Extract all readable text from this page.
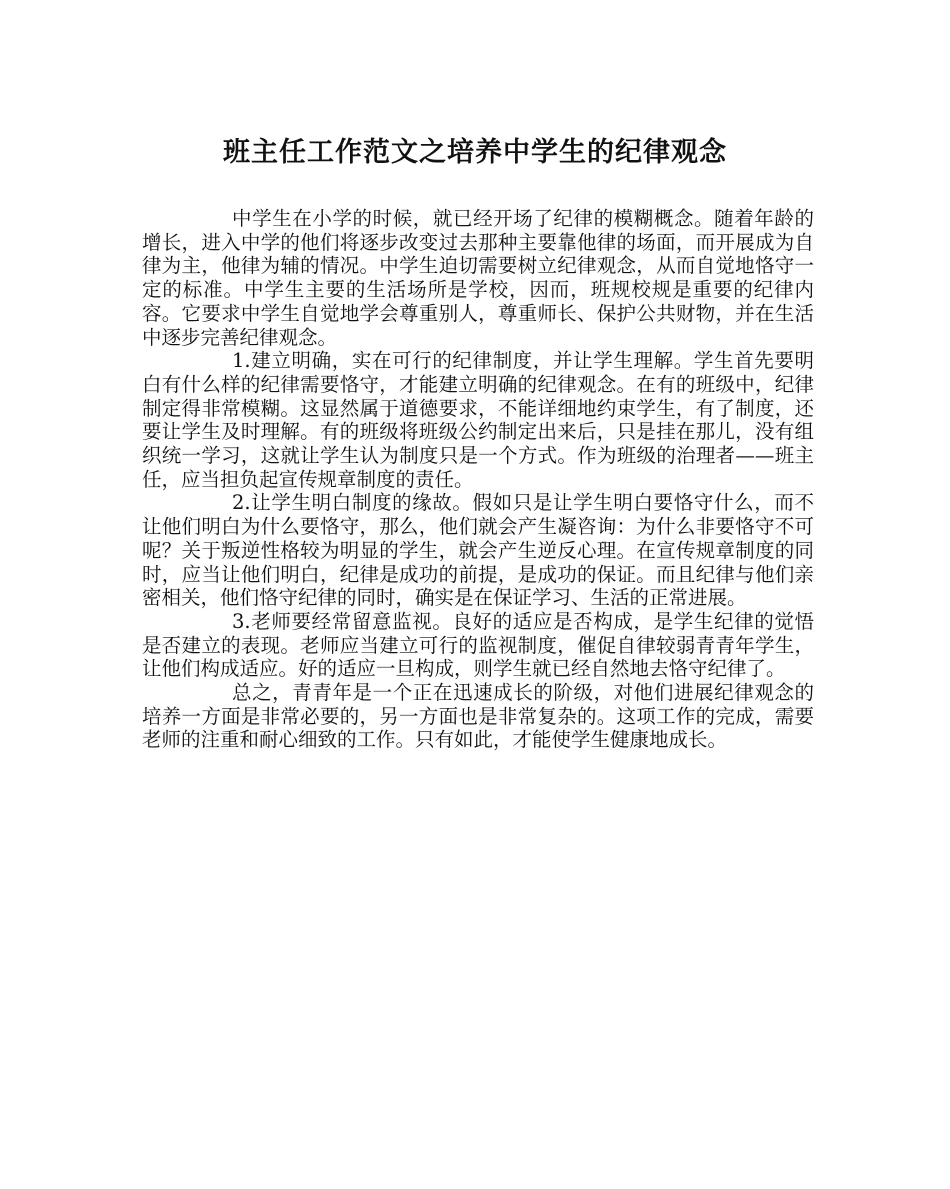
班主任工作范文之培养中学生的纪律观念

中学生在小学的时候，就已经开场了纪律的模糊概念。随着年龄的增长，进入中学的他们将逐步改变过去那种主要靠他律的场面，而开展成为自律为主，他律为辅的情况。中学生迫切需要树立纪律观念，从而自觉地恪守一定的标准。中学生主要的生活场所是学校，因而，班规校规是重要的纪律内容。它要求中学生自觉地学会尊重别人，尊重师长、保护公共财物，并在生活中逐步完善纪律观念。

1.建立明确，实在可行的纪律制度，并让学生理解。学生首先要明白有什么样的纪律需要恪守，才能建立明确的纪律观念。在有的班级中，纪律制定得非常模糊。这显然属于道德要求，不能详细地约束学生，有了制度，还要让学生及时理解。有的班级将班级公约制定出来后，只是挂在那儿，没有组织统一学习，这就让学生认为制度只是一个方式。作为班级的治理者——班主任，应当担负起宣传规章制度的责任。

2.让学生明白制度的缘故。假如只是让学生明白要恪守什么，而不让他们明白为什么要恪守，那么，他们就会产生凝咨询：为什么非要恪守不可呢？关于叛逆性格较为明显的学生，就会产生逆反心理。在宣传规章制度的同时，应当让他们明白，纪律是成功的前提，是成功的保证。而且纪律与他们亲密相关，他们恪守纪律的同时，确实是在保证学习、生活的正常进展。

3.老师要经常留意监视。良好的适应是否构成，是学生纪律的觉悟是否建立的表现。老师应当建立可行的监视制度，催促自律较弱青青年学生，让他们构成适应。好的适应一旦构成，则学生就已经自然地去恪守纪律了。

总之，青青年是一个正在迅速成长的阶级，对他们进展纪律观念的培养一方面是非常必要的，另一方面也是非常复杂的。这项工作的完成，需要老师的注重和耐心细致的工作。只有如此，才能使学生健康地成长。
